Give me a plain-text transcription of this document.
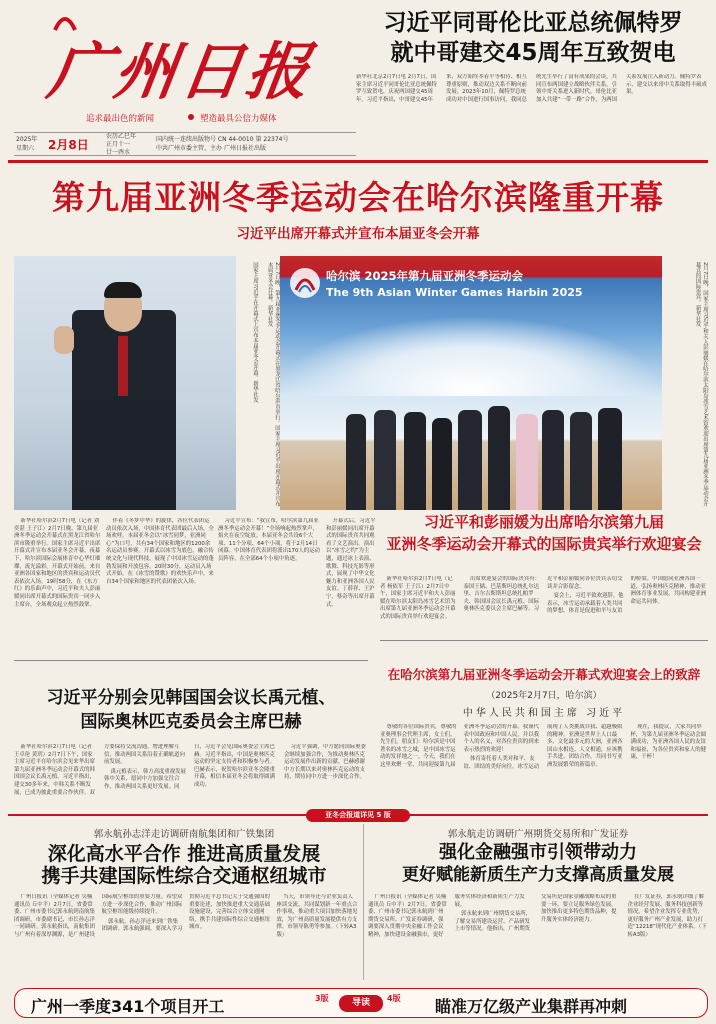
广州日报
追求最出色的新闻	塑造最具公信力媒体
习近平同哥伦比亚总统佩特罗
就中哥建交45周年互致贺电
新华社北京2月7日电 2月7日，国家主席习近平同哥伦比亚总统佩特罗互致贺电，庆祝两国建交45周年。习近平指出，中哥建交45年来，双方始终本着平等相待、相互尊重原则，推动双边关系不断向前发展。2023年10月，佩特罗总统成功对中国进行国事访问，我同总统先生举行了富有成果的会谈，共同宣布两国建立战略伙伴关系，引领中哥关系进入新时代。哥伦比亚加入共建“一带一路”合作，为两国关系发展注入新动力。佩特罗表示，建交以来哥中关系取得丰硕成果。
2025年
星期六 2月8日
农历乙巳年
正月十一
廿一酉水
国内统一连续出版物号 CN 44-0010 第 22374号
中共广州市委主管、主办 广州日报社出版
第九届亚洲冬季运动会在哈尔滨隆重开幕
习近平出席开幕式并宣布本届亚冬会开幕
国家主席习近平在开幕式上宣布本届亚冬会开幕。新华社发	2月7日晚，第九届亚洲冬季运动会开幕式在黑龙江省哈尔滨市举行。国家主席习近平出席开幕式并宣布本届亚冬会开幕。新华社发	哈尔滨 2025年第九届亚洲冬季运动会
The 9th Asian Winter Games Harbin 2025	2月7日晚，国家主席习近平和夫人彭丽媛在哈尔滨太阳岛冰雪艺术馆欢迎出席第九届亚洲冬季运动会开幕式的国际贵宾。新华社发

新华社哈尔滨2月7日电（记者 刘奕湛 王子江）2月7日晚，第九届亚洲冬季运动会开幕式在黑龙江省哈尔滨市隆重举行。国家主席习近平出席开幕式并宣布本届亚冬会开幕。夜幕下，哈尔滨国际会展体育中心华灯璀璨，流光溢彩。开幕式开始前，来自亚洲各国家和地区的贵宾和运动员代表依次入场。19时58分，在《东方红》的乐曲声中，习近平和夫人彭丽媛同出席开幕式的国际贵宾一同步入主席台，全场观众起立热烈鼓掌。

伴着《冬梦中华》的旋律，各位代表团运动员依次入场，中国体育代表团最后入场，全场欢呼。本届亚冬会以“冰雪同梦，亚洲同心”为口号，共有34个国家和地区的1200余名运动员参赛。开幕式以冰雪为底色，融合传统文化与现代科技，展现了中国冰雪运动的蓬勃发展和开放包容。20时30分，运动员入场式开始。在《冰雪的赞歌》的欢快乐声中，来自34个国家和地区的代表团依次入场。

习近平宣布：“我宣布，哈尔滨第九届亚洲冬季运动会开幕！”全场响起热烈掌声，焰火在夜空绽放。本届亚冬会共设6个大项、11个分项、64个小项，将于2月14日闭幕。中国体育代表团将派出170人的运动员阵容，在全部64个小项中角逐。

开幕式后，习近平和彭丽媛同出席开幕式的国际贵宾共同观看了文艺演出。演出以“冰雪之约”为主题，通过冰上表演、歌舞、科技光影等形式，展现了中华文化魅力和亚洲各国人民友谊。丁薛祥、王沪宁、蔡奇等出席开幕式。

习近平和彭丽媛为出席哈尔滨第九届
亚洲冬季运动会开幕式的国际贵宾举行欢迎宴会

新华社哈尔滨2月7日电（记者 杨依军 王子江）2月7日中午，国家主席习近平和夫人彭丽媛在哈尔滨太阳岛冰雪艺术馆为出席第九届亚洲冬季运动会开幕式的国际贵宾举行欢迎宴会。

出席欢迎宴会的国际贵宾有：泰国王储、巴基斯坦总统扎尔达里、吉尔吉斯斯坦总统扎帕罗夫、韩国国会议长禹元植、国际奥林匹克委员会主席巴赫等。习近平和彭丽媛同各位贵宾亲切交谈并合影留念。

宴会上，习近平致欢迎辞。他表示，冰雪运动承载着人类共同的梦想，体育是促进和平与友谊的桥梁。中国愿同亚洲各国一道，弘扬奥林匹克精神，推动亚洲体育事业发展，共同构建亚洲命运共同体。

习近平分别会见韩国国会议长禹元植、
国际奥林匹克委员会主席巴赫

新华社哈尔滨2月7日电（记者 王卓伦 黄玥）2月7日下午，国家主席习近平在哈尔滨会见来华出席第九届亚洲冬季运动会开幕式的韩国国会议长禹元植。习近平指出，建交30多年来，中韩关系不断发展，已成为彼此重要合作伙伴。双方要保持交流沟通，增进理解互信，推动两国关系沿着正确轨道向前发展。

禹元植表示，韩方高度重视发展韩中关系，愿同中方加强交往合作，推动两国关系更好发展。同日，习近平会见国际奥委会主席巴赫。习近平指出，中国是奥林匹克运动的坚定支持者和积极参与者。巴赫表示，祝贺哈尔滨亚冬会隆重开幕，相信本届亚冬会将取得圆满成功。

习近平强调，中方愿同国际奥委会继续加强合作，为推动奥林匹克运动发展作出新的贡献。巴赫感谢中方长期以来对奥林匹克运动的支持，期待同中方进一步深化合作。

在哈尔滨第九届亚洲冬季运动会开幕式欢迎宴会上的致辞
（2025年2月7日，哈尔滨）
中华人民共和国主席 习近平

尊敬的各位国际贵宾，尊敬的亚奥理事会代理主席，女士们，先生们，朋友们：哈尔滨是中国著名的冰雪之城，是中国冰雪运动的发祥地之一。今天，我们在这里欢聚一堂，共同迎接第九届亚洲冬季运动会的开幕。我谨代表中国政府和中国人民，并以我个人的名义，对各位贵宾的到来表示热烈的欢迎！

体育寄托着人类对和平、友谊、团结的美好向往。冰雪运动展现了人类挑战自我、超越极限的精神。亚洲是世界上人口最多、文化最多元的大洲，亚洲各国山水相连、人文相通，应该携手共进、团结合作，共同书写亚洲发展繁荣的新篇章。

现在，我提议，大家共同举杯，为第九届亚洲冬季运动会圆满成功，为亚洲各国人民的友谊和福祉，为各位贵宾和家人的健康，干杯！

亚冬会报道详见 5 版
郭永航孙志洋走访调研南航集团和广铁集团
深化高水平合作 推进高质量发展
携手共建国际性综合交通枢纽城市

广州日报讯（全媒体记者 吴楠 通讯员 丘中平）2月7日，省委常委、广州市委书记郭永航到南航集团调研，市委副书记、市长孙志洋一同调研。郭永航指出，南航集团与广州有着深厚渊源，是广州建设国际航空枢纽的重要力量。希望双方进一步深化合作，推动广州国际航空枢纽能级持续提升。

郭永航、孙志洋还来到广铁集团调研。郭永航强调，要深入学习贯彻习近平总书记关于交通强国的重要论述，加快推进重大交通基础设施建设，完善综合立体交通网络，携手共建国际性综合交通枢纽城市。

当天，市领导还与企业负责人座谈交流，共同谋划新一年重点合作事项，推动重大项目加快落地见效，为广州高质量发展提供有力支撑。市领导陈勇等参加。（下转A3版）

郭永航走访调研广州期货交易所和广发证券
强化金融强市引领带动力
更好赋能新质生产力支撑高质量发展

广州日报讯（全媒体记者 吴楠 通讯员 丘中平）2月7日，省委常委、广州市委书记郭永航到广州期货交易所、广发证券调研，强调要深入贯彻中央金融工作会议精神，加快建设金融强市，更好服务实体经济和新质生产力发展。

郭永航来到广州期货交易所，了解交易所建设运营、产品研发上市等情况。他指出，广州期货交易所是国家金融战略布局的重要一环，要立足服务绿色发展，加快推出更多特色期货品种，提升服务实体经济能力。

在广发证券，郭永航详细了解企业经营发展、服务科技创新等情况，希望企业发挥专业优势，更好服务广州产业发展，助力打造“12218”现代化产业体系。（下转A3版）

广州一季度341个项目开工	3版	导读	4版 瞄准万亿级产业集群再冲刺
